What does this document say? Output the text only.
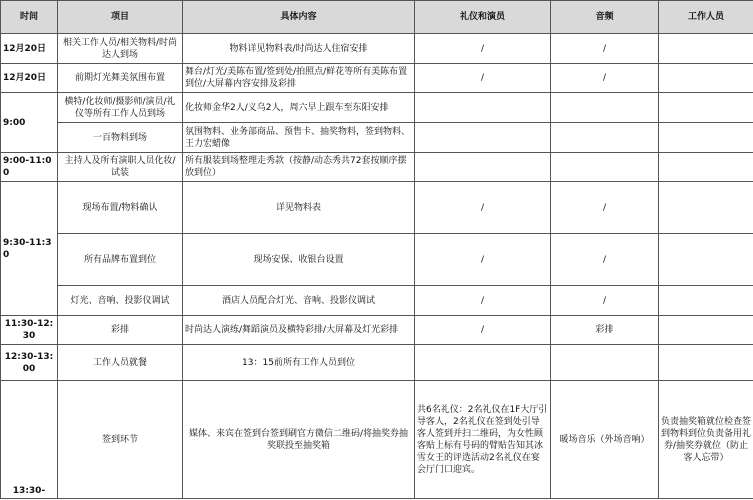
时间	项目	具体内容	礼仪和演员	音频	工作人员
12月20日	相关工作人员/相关物料/时尚达人到场	物料详见物料表/时尚达人住宿安排	/	/	
12月20日	前期灯光舞美氛围布置	舞台/灯光/美陈布置/签到处/拍照点/鲜花等所有美陈布置到位/大屏幕内容安排及彩排	/	/	
9:00	横特/化妆师/摄影师/演员/礼仪等所有工作人员到场	化妆师金华2人/义乌2人，周六早上跟车至东阳安排			
	一百物料到场	氛围物料、业务部商品、预售卡、抽奖物料，签到物料、王力宏蜡像			
9:00-11:00	主持人及所有演职人员化妆/试装	所有服装到场整理走秀款（按静/动态秀共72套按顺序摆放到位）			
9:30-11:30	现场布置/物料确认	详见物料表	/	/	
	所有品牌布置到位	现场安保、收银台设置	/	/	
	灯光、音响、投影仪调试	酒店人员配合灯光、音响、投影仪调试	/	/	
11:30-12:30	彩排	时尚达人演练/舞蹈演员及横特彩排/大屏幕及灯光彩排	/	彩排	
12:30-13:00	工作人员就餐	13：15前所有工作人员到位			
13:30-	签到环节	媒体、来宾在签到台签到刷官方微信二维码/将抽奖券抽奖联投至抽奖箱	共6名礼仪：2名礼仪在1F大厅引导客人，2名礼仪在签到处引导客人签到并扫二维码，为女性顾客贴上标有号码的臂贴告知其冰雪女王的评选活动2名礼仪在宴会厅门口迎宾。	暖场音乐（外场音响）	负责抽奖箱就位检查签到物料到位负责备用礼券/抽奖券就位（防止客人忘带）
